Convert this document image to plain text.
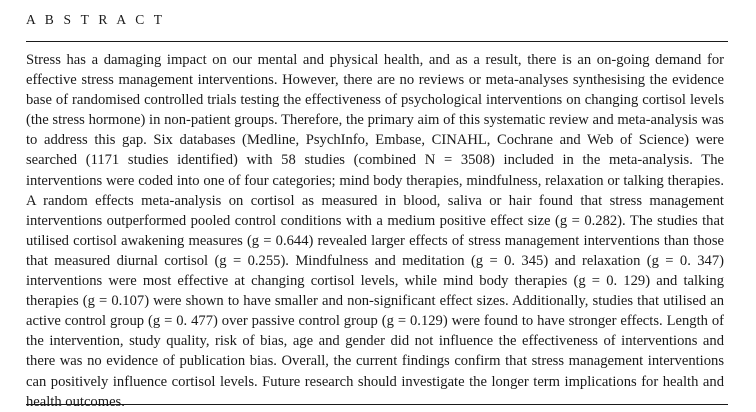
A B S T R A C T

Stress has a damaging impact on our mental and physical health, and as a result, there is an on-going demand for effective stress management interventions. However, there are no reviews or meta-analyses synthesising the evidence base of randomised controlled trials testing the effectiveness of psychological interventions on changing cortisol levels (the stress hormone) in non-patient groups. Therefore, the primary aim of this systematic review and meta-analysis was to address this gap. Six databases (Medline, PsychInfo, Embase, CINAHL, Cochrane and Web of Science) were searched (1171 studies identified) with 58 studies (combined N = 3508) included in the meta-analysis. The interventions were coded into one of four categories; mind body therapies, mindfulness, relaxation or talking therapies. A random effects meta-analysis on cortisol as measured in blood, saliva or hair found that stress management interventions outperformed pooled control conditions with a medium positive effect size (g = 0.282). The studies that utilised cortisol awakening measures (g = 0.644) revealed larger effects of stress management interventions than those that measured diurnal cortisol (g = 0.255). Mindfulness and meditation (g = 0. 345) and relaxation (g = 0. 347) interventions were most effective at changing cortisol levels, while mind body therapies (g = 0. 129) and talking therapies (g = 0.107) were shown to have smaller and non-significant effect sizes. Additionally, studies that utilised an active control group (g = 0. 477) over passive control group (g = 0.129) were found to have stronger effects. Length of the intervention, study quality, risk of bias, age and gender did not influence the effectiveness of interventions and there was no evidence of publication bias. Overall, the current findings confirm that stress management interventions can positively influence cortisol levels. Future research should investigate the longer term implications for health and health outcomes.
